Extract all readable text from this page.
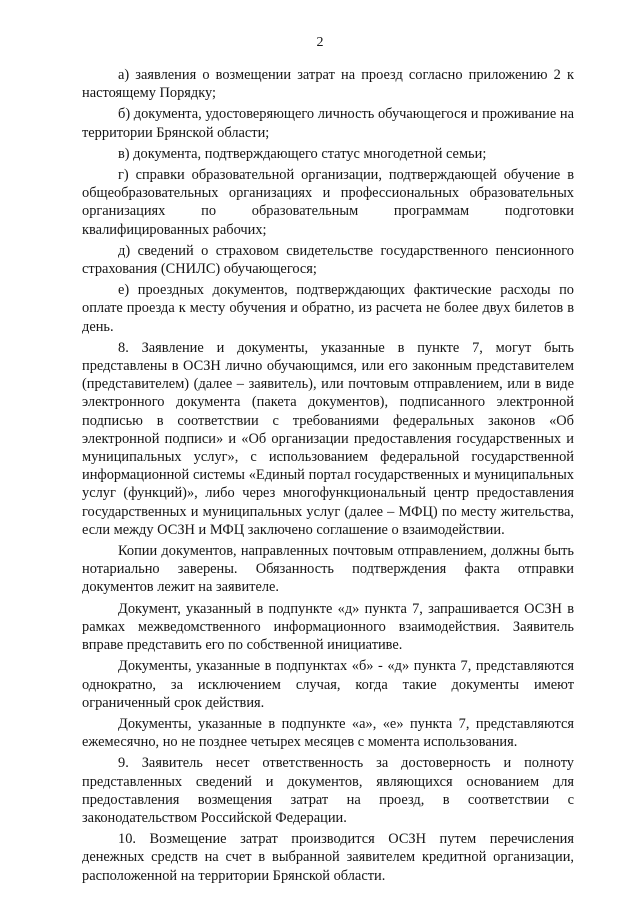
2

а) заявления о возмещении затрат на проезд согласно приложению 2 к настоящему Порядку;

б) документа, удостоверяющего личность обучающегося и проживание на территории Брянской области;

в) документа, подтверждающего статус многодетной семьи;

г) справки образовательной организации, подтверждающей обучение в общеобразовательных организациях и профессиональных образовательных организациях по образовательным программам подготовки квалифицированных рабочих;

д) сведений о страховом свидетельстве государственного пенсионного страхования (СНИЛС) обучающегося;

е) проездных документов, подтверждающих фактические расходы по оплате проезда к месту обучения и обратно, из расчета не более двух билетов в день.

8. Заявление и документы, указанные в пункте 7, могут быть представлены в ОСЗН лично обучающимся, или его законным представителем (представителем) (далее – заявитель), или почтовым отправлением, или в виде электронного документа (пакета документов), подписанного электронной подписью в соответствии с требованиями федеральных законов «Об электронной подписи» и «Об организации предоставления государственных и муниципальных услуг», с использованием федеральной государственной информационной системы «Единый портал государственных и муниципальных услуг (функций)», либо через многофункциональный центр предоставления государственных и муниципальных услуг (далее – МФЦ) по месту жительства, если между ОСЗН и МФЦ заключено соглашение о взаимодействии.

Копии документов, направленных почтовым отправлением, должны быть нотариально заверены. Обязанность подтверждения факта отправки документов лежит на заявителе.

Документ, указанный в подпункте «д» пункта 7, запрашивается ОСЗН в рамках межведомственного информационного взаимодействия. Заявитель вправе представить его по собственной инициативе.

Документы, указанные в подпунктах «б» - «д» пункта 7, представляются однократно, за исключением случая, когда такие документы имеют ограниченный срок действия.

Документы, указанные в подпункте «а», «е» пункта 7, представляются ежемесячно, но не позднее четырех месяцев с момента использования.

9. Заявитель несет ответственность за достоверность и полноту представленных сведений и документов, являющихся основанием для предоставления возмещения затрат на проезд, в соответствии с законодательством Российской Федерации.

10. Возмещение затрат производится ОСЗН путем перечисления денежных средств на счет в выбранной заявителем кредитной организации, расположенной на территории Брянской области.
